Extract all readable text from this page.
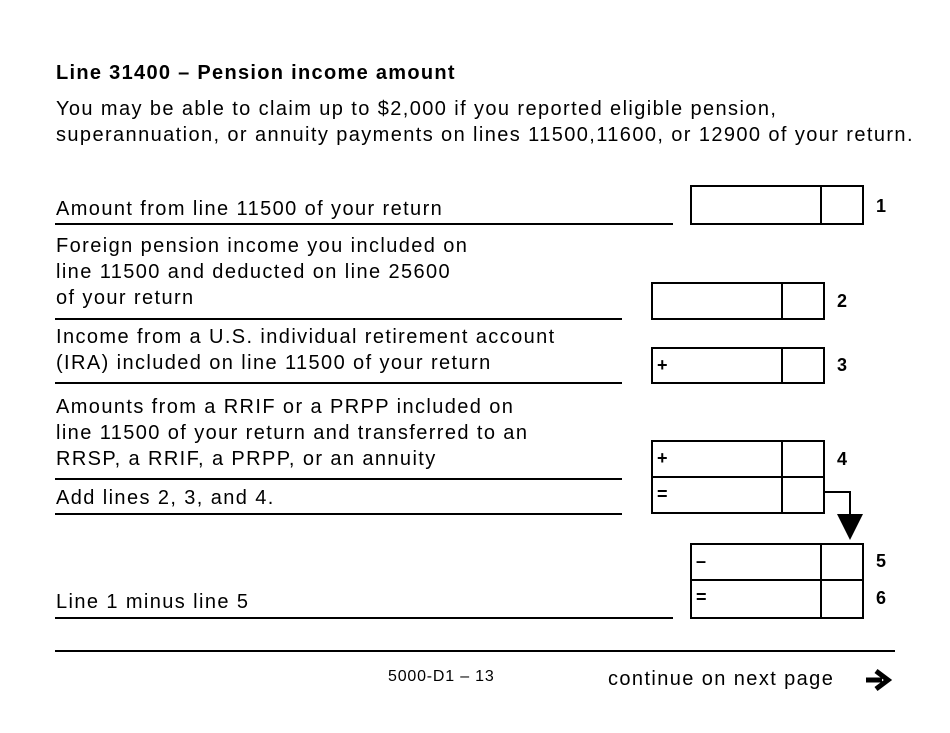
Line 31400 – Pension income amount
You may be able to claim up to $2,000 if you reported eligible pension, superannuation, or annuity payments on lines 11500,11600, or 12900 of your return.
Amount from line 11500 of your return	1
Foreign pension income you included on
line 11500 and deducted on line 25600
of your return	2
Income from a U.S. individual retirement account
(IRA) included on line 11500 of your return	+	3
Amounts from a RRIF or a PRPP included on
line 11500 of your return and transferred to an
RRSP, a RRIF, a PRPP, or an annuity	+	4
Add lines 2, 3, and 4.	=
–	5
Line 1 minus line 5	=	6
5000-D1 – 13	continue on next page
